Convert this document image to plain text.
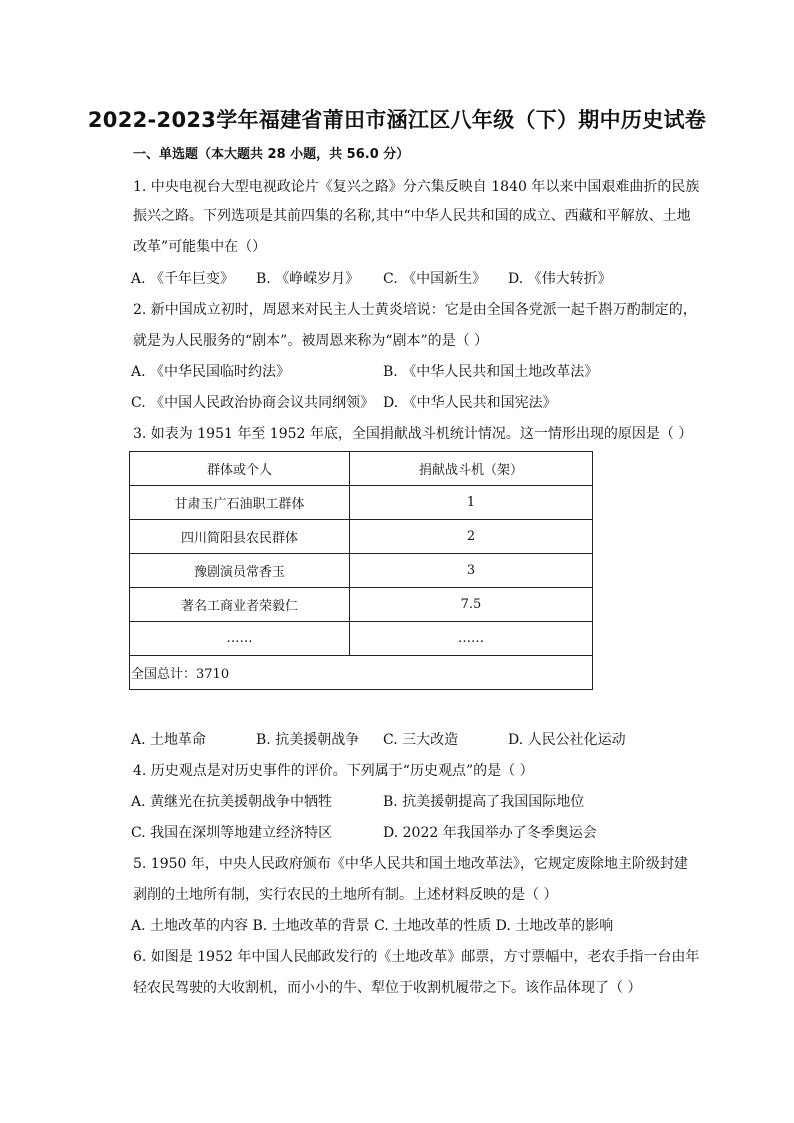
2022-2023学年福建省莆田市涵江区八年级（下）期中历史试卷
一、单选题（本大题共 28 小题，共 56.0 分）
1. 中央电视台大型电视政论片《复兴之路》分六集反映自 1840 年以来中国艰难曲折的民族
振兴之路。下列选项是其前四集的名称,其中“中华人民共和国的成立、西藏和平解放、土地
改革”可能集中在（）
A. 《千年巨变》 B. 《峥嵘岁月》 C. 《中国新生》 D. 《伟大转折》
2. 新中国成立初时，周恩来对民主人士黄炎培说：它是由全国各党派一起千斟万酌制定的，
就是为人民服务的“剧本”。被周恩来称为“剧本”的是（ ）
A. 《中华民国临时约法》	B. 《中华人民共和国土地改革法》
C. 《中国人民政治协商会议共同纲领》 D. 《中华人民共和国宪法》
3. 如表为 1951 年至 1952 年底，全国捐献战斗机统计情况。这一情形出现的原因是（ ）
群体或个人	捐献战斗机（架）
甘肃玉广石油职工群体	1
四川简阳县农民群体	2
豫剧演员常香玉	3
著名工商业者荣毅仁	7.5
……	……
全国总计：3710	
A. 土地革命	B. 抗美援朝战争 C. 三大改造	D. 人民公社化运动
4. 历史观点是对历史事件的评价。下列属于“历史观点”的是（ ）
A. 黄继光在抗美援朝战争中牺牲	B. 抗美援朝提高了我国国际地位
C. 我国在深圳等地建立经济特区	D. 2022 年我国举办了冬季奥运会
5. 1950 年，中央人民政府颁布《中华人民共和国土地改革法》，它规定废除地主阶级封建
剥削的土地所有制，实行农民的土地所有制。上述材料反映的是（ ）
A. 土地改革的内容 B. 土地改革的背景 C. 土地改革的性质 D. 土地改革的影响
6. 如图是 1952 年中国人民邮政发行的《土地改革》邮票，方寸票幅中，老农手指一台由年
轻农民驾驶的大收割机，而小小的牛、犁位于收割机履带之下。该作品体现了（ ）
